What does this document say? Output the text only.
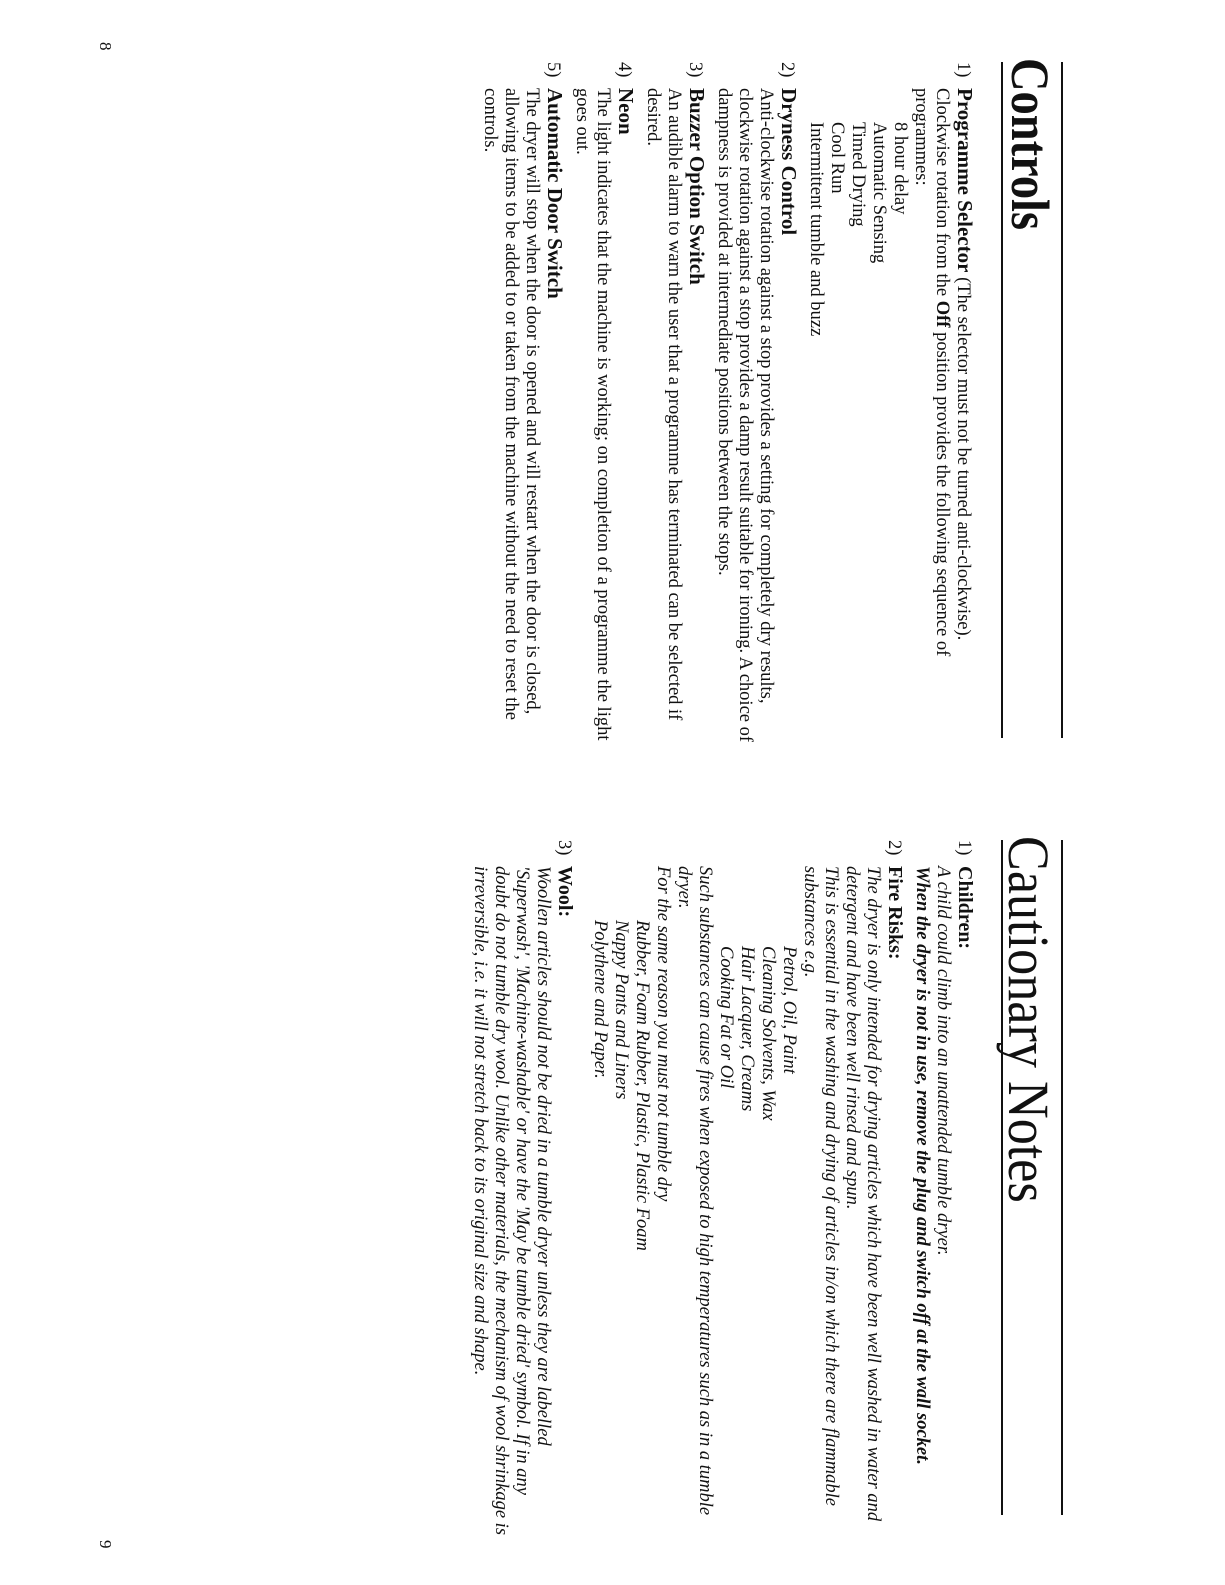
Controls
1)
Programme Selector (The selector must not be turned anti-clockwise).

Clockwise rotation from the Off position provides the following sequence of programmes:

8 hour delay
Automatic Sensing
Timed Drying
Cool Run
Intermittent tumble and buzz
2)
Dryness Control

Anti-clockwise rotation against a stop provides a setting for completely dry results, clockwise rotation against a stop provides a damp result suitable for ironing. A choice of dampness is provided at intermediate positions between the stops.

3)
Buzzer Option Switch

An audible alarm to warn the user that a programme has terminated can be selected if desired.

4)
Neon

The light indicates that the machine is working; on completion of a programme the light goes out.

5)
Automatic Door Switch

The dryer will stop when the door is opened and will restart when the door is closed, allowing items to be added to or taken from the machine without the need to reset the controls.

8
Cautionary Notes
1)
Children:

A child could climb into an unattended tumble dryer.

When the dryer is not in use, remove the plug and switch off at the wall socket.

2)
Fire Risks:

The dryer is only intended for drying articles which have been well washed in water and detergent and have been well rinsed and spun.

This is essential in the washing and drying of articles in/on which there are flammable substances e.g.

Petrol, Oil, Paint
Cleaning Solvents, Wax
Hair Lacquer, Creams
Cooking Fat or Oil

Such substances can cause fires when exposed to high temperatures such as in a tumble dryer.

For the same reason you must not tumble dry

Rubber, Foam Rubber, Plastic, Plastic Foam
Nappy Pants and Liners
Polythene and Paper.
3)
Wool:

Woollen articles should not be dried in a tumble dryer unless they are labelled 'Superwash', 'Machine-washable' or have the 'May be tumble dried' symbol. If in any doubt do not tumble dry wool. Unlike other materials, the mechanism of wool shrinkage is irreversible, i.e. it will not stretch back to its original size and shape.

9
